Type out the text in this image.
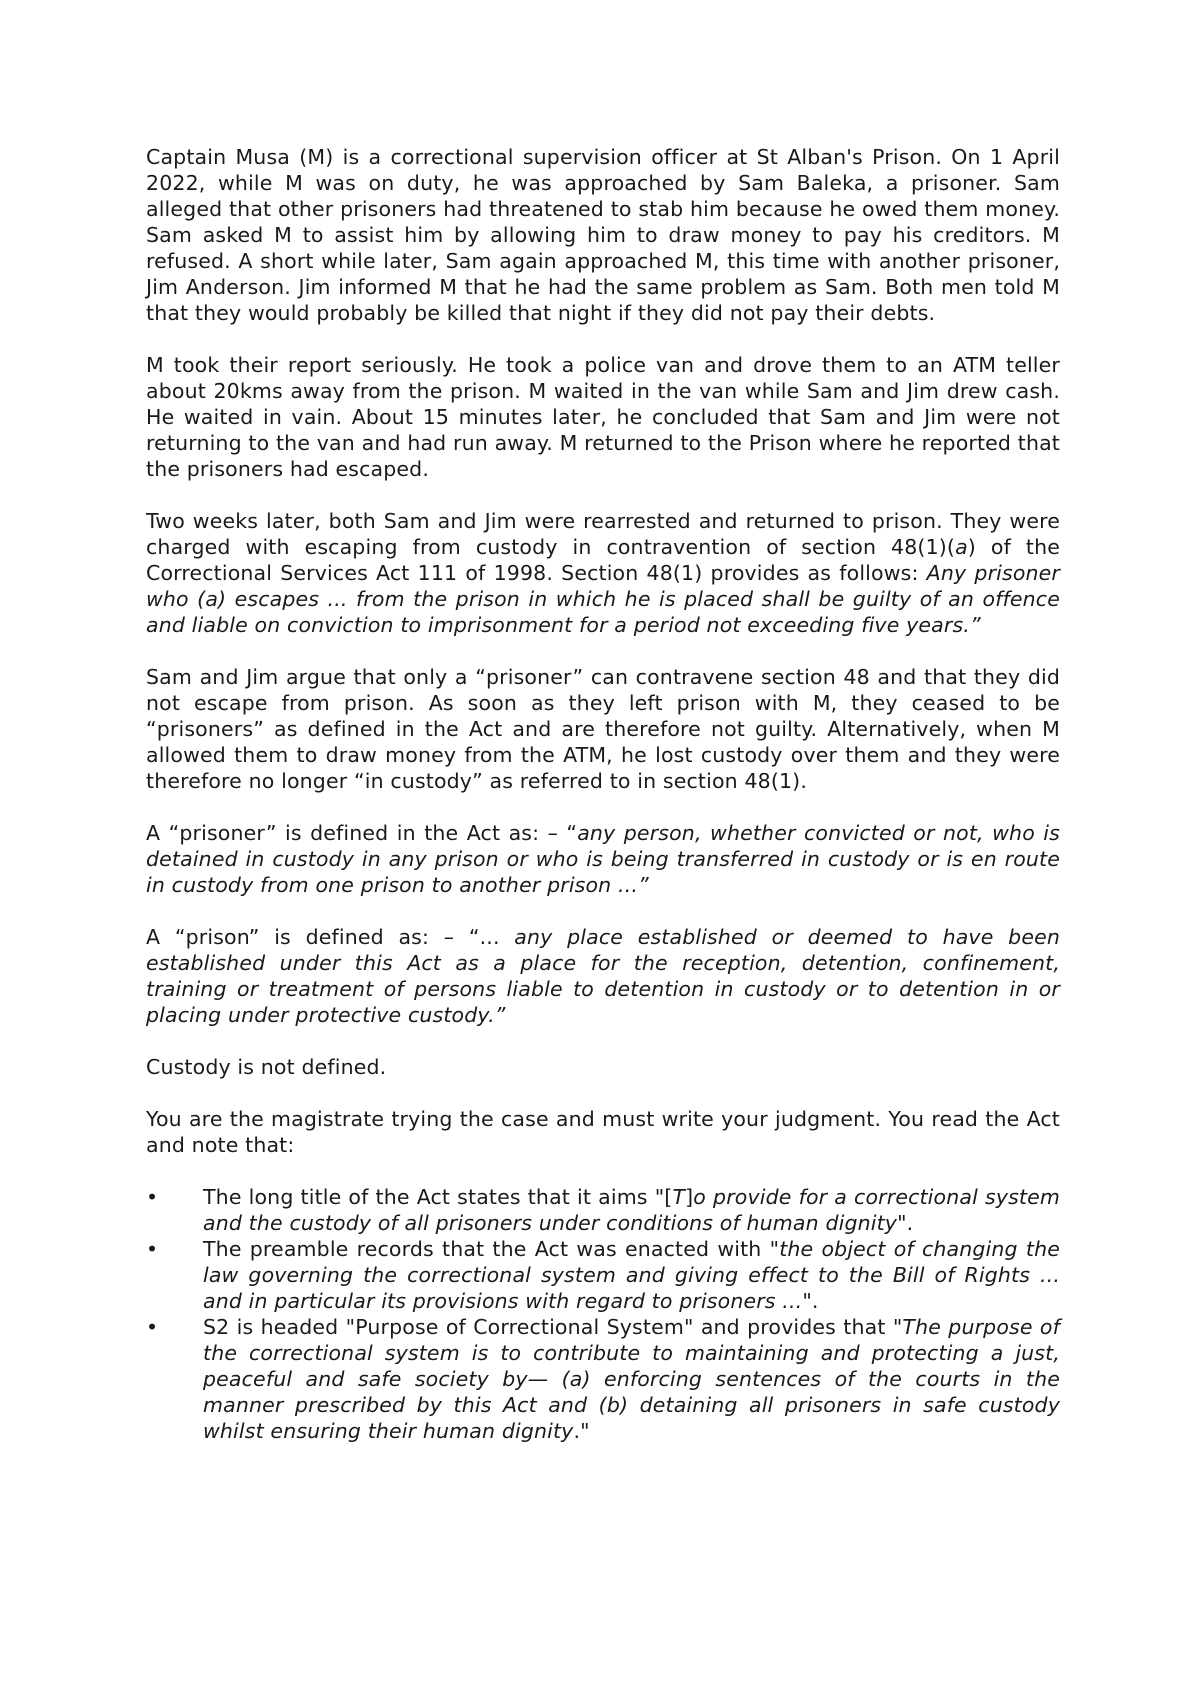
Captain Musa (M) is a correctional supervision officer at St Alban's Prison. On 1 April 2022, while M was on duty, he was approached by Sam Baleka, a prisoner. Sam alleged that other prisoners had threatened to stab him because he owed them money. Sam asked M to assist him by allowing him to draw money to pay his creditors. M refused. A short while later, Sam again approached M, this time with another prisoner, Jim Anderson. Jim informed M that he had the same problem as Sam. Both men told M that they would probably be killed that night if they did not pay their debts.

M took their report seriously. He took a police van and drove them to an ATM teller about 20kms away from the prison. M waited in the van while Sam and Jim drew cash. He waited in vain. About 15 minutes later, he concluded that Sam and Jim were not returning to the van and had run away. M returned to the Prison where he reported that the prisoners had escaped.

Two weeks later, both Sam and Jim were rearrested and returned to prison. They were charged with escaping from custody in contravention of section 48(1)(a) of the Correctional Services Act 111 of 1998. Section 48(1) provides as follows: Any prisoner who (a) escapes ... from the prison in which he is placed shall be guilty of an offence and liable on conviction to imprisonment for a period not exceeding five years.”

Sam and Jim argue that only a “prisoner” can contravene section 48 and that they did not escape from prison. As soon as they left prison with M, they ceased to be “prisoners” as defined in the Act and are therefore not guilty. Alternatively, when M allowed them to draw money from the ATM, he lost custody over them and they were therefore no longer “in custody” as referred to in section 48(1).

A “prisoner” is defined in the Act as: – “any person, whether convicted or not, who is detained in custody in any prison or who is being transferred in custody or is en route in custody from one prison to another prison ...”

A “prison” is defined as: – “... any place established or deemed to have been established under this Act as a place for the reception, detention, confinement, training or treatment of persons liable to detention in custody or to detention in or placing under protective custody.”

Custody is not defined.

You are the magistrate trying the case and must write your judgment. You read the Act and note that:

• The long title of the Act states that it aims "[T]o provide for a correctional system and the custody of all prisoners under conditions of human dignity".
• The preamble records that the Act was enacted with "the object of changing the law governing the correctional system and giving effect to the Bill of Rights ... and in particular its provisions with regard to prisoners ...".
• S2 is headed "Purpose of Correctional System" and provides that "The purpose of the correctional system is to contribute to maintaining and protecting a just, peaceful and safe society by— (a) enforcing sentences of the courts in the manner prescribed by this Act and (b) detaining all prisoners in safe custody whilst ensuring their human dignity."
